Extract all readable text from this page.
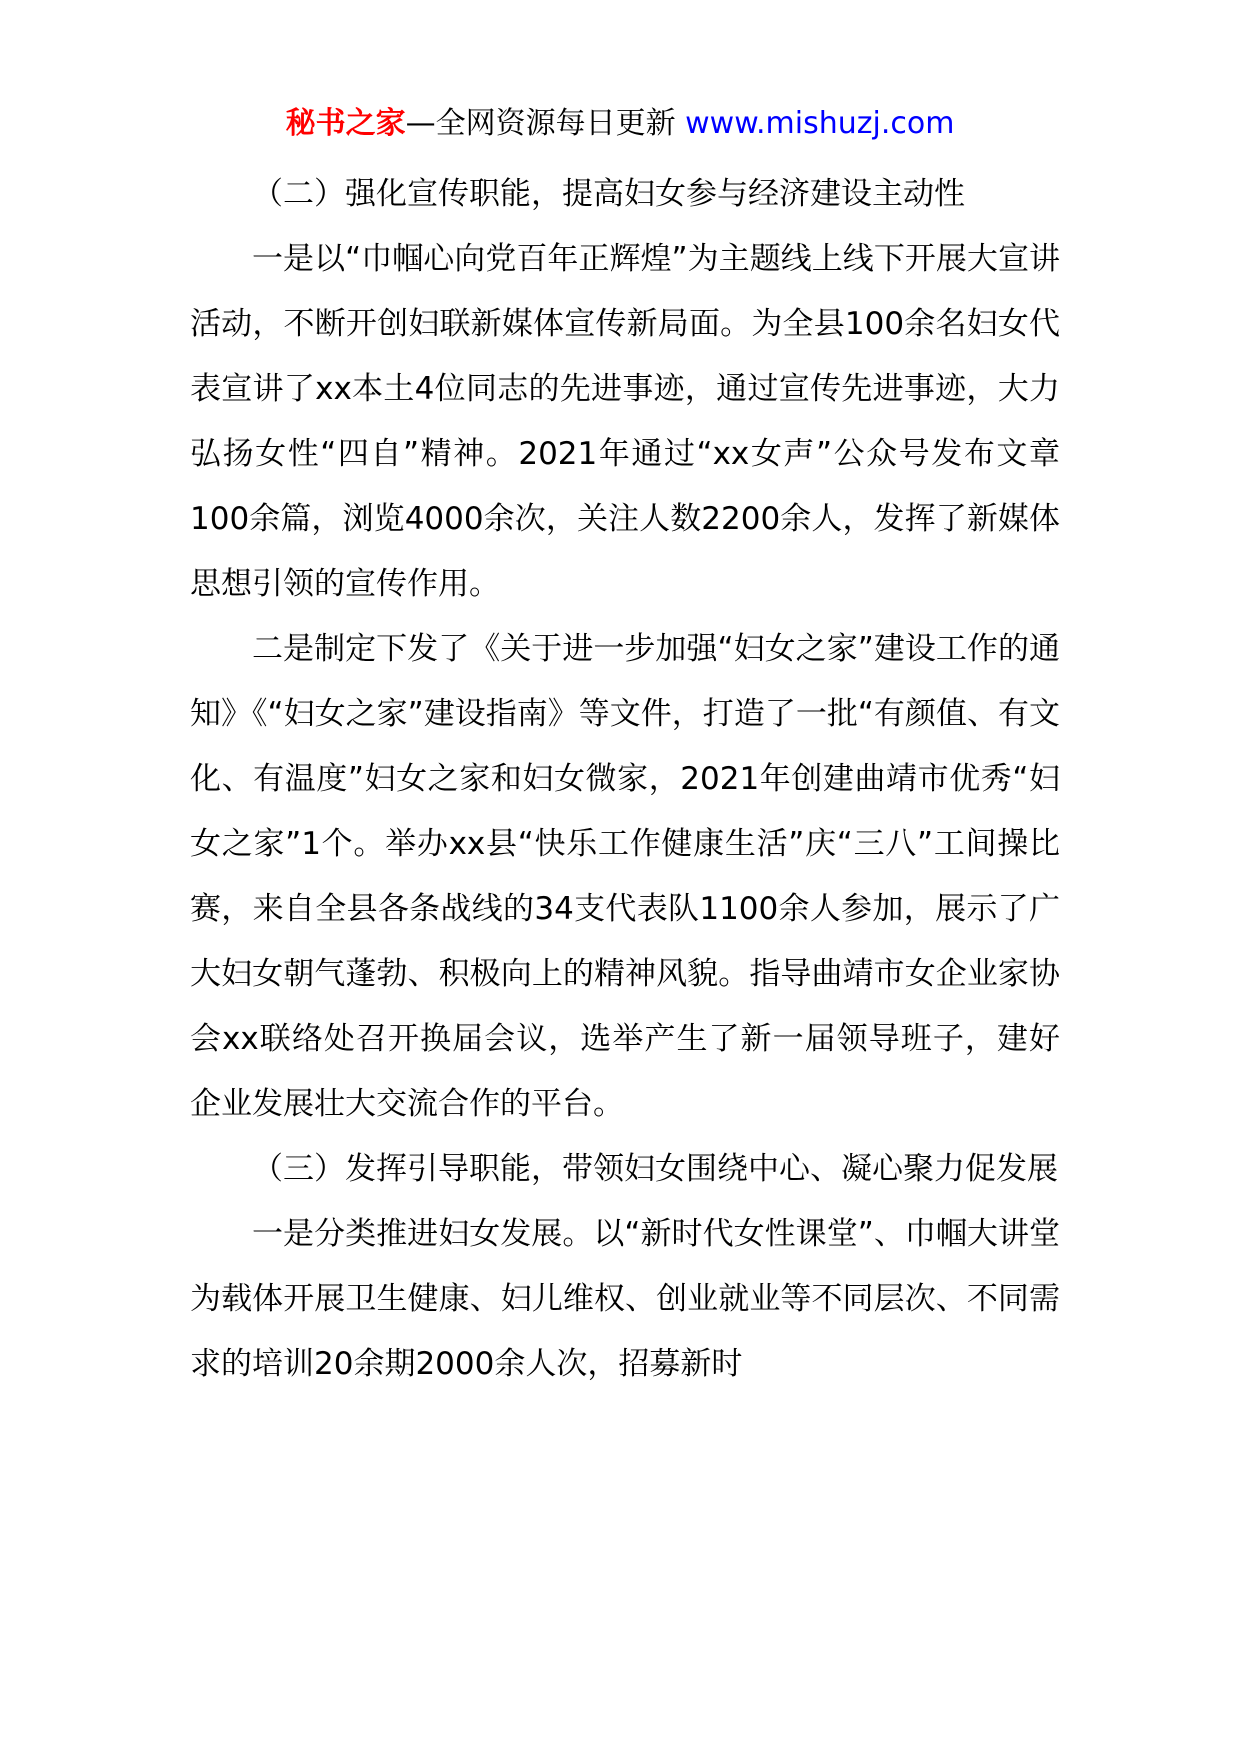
秘书之家—全网资源每日更新 www.mishuzj.com

（二）强化宣传职能，提高妇女参与经济建设主动性

一是以“巾帼心向党百年正辉煌”为主题线上线下开展大宣讲活动，不断开创妇联新媒体宣传新局面。为全县100余名妇女代表宣讲了xx本土4位同志的先进事迹，通过宣传先进事迹，大力弘扬女性“四自”精神。2021年通过“xx女声”公众号发布文章100余篇，浏览4000余次，关注人数2200余人，发挥了新媒体思想引领的宣传作用。

二是制定下发了《关于进一步加强“妇女之家”建设工作的通知》《“妇女之家”建设指南》等文件，打造了一批“有颜值、有文化、有温度”妇女之家和妇女微家，2021年创建曲靖市优秀“妇女之家”1个。举办xx县“快乐工作健康生活”庆“三八”工间操比赛，来自全县各条战线的34支代表队1100余人参加，展示了广大妇女朝气蓬勃、积极向上的精神风貌。指导曲靖市女企业家协会xx联络处召开换届会议，选举产生了新一届领导班子，建好企业发展壮大交流合作的平台。

（三）发挥引导职能，带领妇女围绕中心、凝心聚力促发展

一是分类推进妇女发展。以“新时代女性课堂”、巾帼大讲堂为载体开展卫生健康、妇儿维权、创业就业等不同层次、不同需求的培训20余期2000余人次，招募新时
